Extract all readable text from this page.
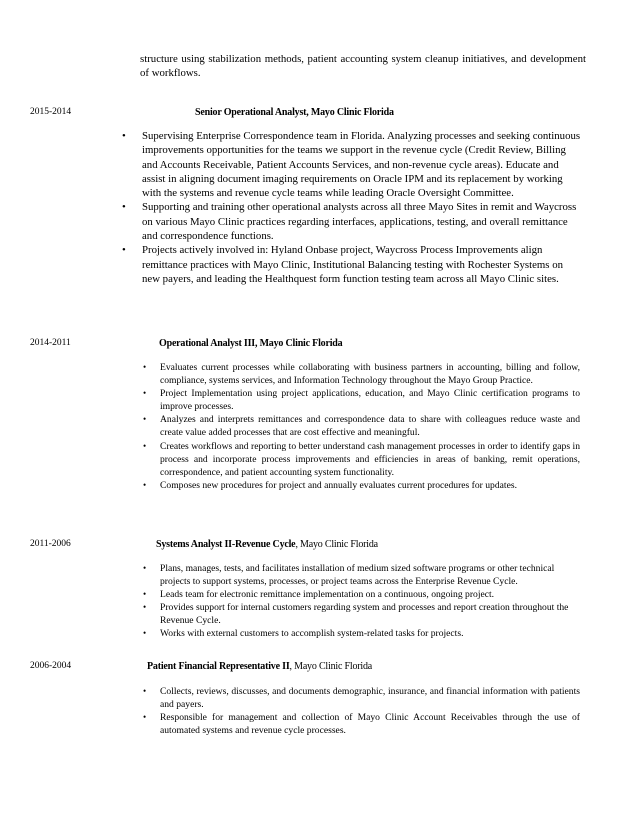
structure using stabilization methods, patient accounting system cleanup initiatives, and development of workflows.

2015-2014	Senior Operational Analyst, Mayo Clinic Florida
• Supervising Enterprise Correspondence team in Florida. Analyzing processes and seeking continuous improvements opportunities for the teams we support in the revenue cycle (Credit Review, Billing and Accounts Receivable, Patient Accounts Services, and non-revenue cycle areas). Educate and assist in aligning document imaging requirements on Oracle IPM and its replacement by working with the systems and revenue cycle teams while leading Oracle Oversight Committee.
• Supporting and training other operational analysts across all three Mayo Sites in remit and Waycross on various Mayo Clinic practices regarding interfaces, applications, testing, and overall remittance and correspondence functions.
• Projects actively involved in: Hyland Onbase project, Waycross Process Improvements align remittance practices with Mayo Clinic, Institutional Balancing testing with Rochester Systems on new payers, and leading the Healthquest form function testing team across all Mayo Clinic sites.
2014-2011	Operational Analyst III, Mayo Clinic Florida
• Evaluates current processes while collaborating with business partners in accounting, billing and follow, compliance, systems services, and Information Technology throughout the Mayo Group Practice.
• Project Implementation using project applications, education, and Mayo Clinic certification programs to improve processes.
• Analyzes and interprets remittances and correspondence data to share with colleagues reduce waste and create value added processes that are cost effective and meaningful.
• Creates workflows and reporting to better understand cash management processes in order to identify gaps in process and incorporate process improvements and efficiencies in areas of banking, remit operations, correspondence, and patient accounting system functionality.
• Composes new procedures for project and annually evaluates current procedures for updates.
2011-2006	Systems Analyst II-Revenue Cycle, Mayo Clinic Florida
• Plans, manages, tests, and facilitates installation of medium sized software programs or other technical projects to support systems, processes, or project teams across the Enterprise Revenue Cycle.
• Leads team for electronic remittance implementation on a continuous, ongoing project.
• Provides support for internal customers regarding system and processes and report creation throughout the Revenue Cycle.
• Works with external customers to accomplish system-related tasks for projects.
2006-2004	Patient Financial Representative II, Mayo Clinic Florida
• Collects, reviews, discusses, and documents demographic, insurance, and financial information with patients and payers.
• Responsible for management and collection of Mayo Clinic Account Receivables through the use of automated systems and revenue cycle processes.
